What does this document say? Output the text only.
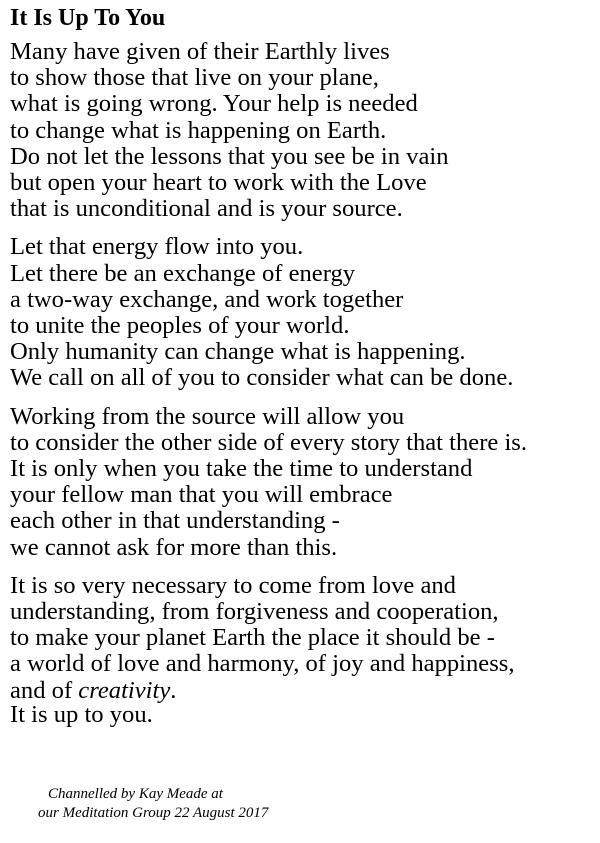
It Is Up To You
Many have given of their Earthly lives
to show those that live on your plane,
what is going wrong. Your help is needed
to change what is happening on Earth.
Do not let the lessons that you see be in vain
but open your heart to work with the Love
that is unconditional and is your source.
Let that energy flow into you.
Let there be an exchange of energy
a two-way exchange, and work together
to unite the peoples of your world.
Only humanity can change what is happening.
We call on all of you to consider what can be done.
Working from the source will allow you
to consider the other side of every story that there is.
It is only when you take the time to understand
your fellow man that you will embrace
each other in that understanding -
we cannot ask for more than this.
It is so very necessary to come from love and
understanding, from forgiveness and cooperation,
to make your planet Earth the place it should be -
a world of love and harmony, of joy and happiness,
and of creativity.
It is up to you.
Channelled by Kay Meade at
our Meditation Group 22 August 2017
